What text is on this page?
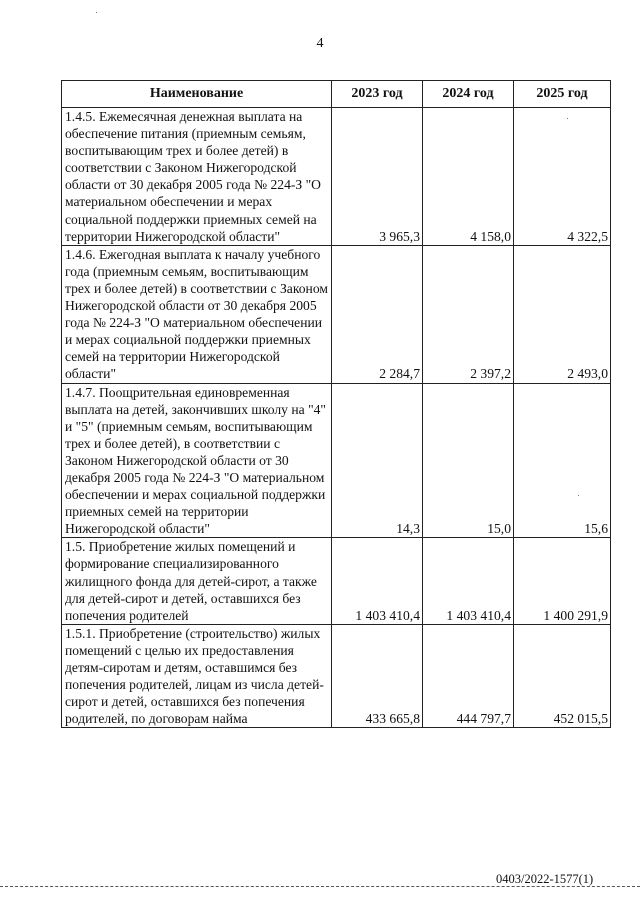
4
Наименование	2023 год	2024 год	2025 год
1.4.5. Ежемесячная денежная выплата на обеспечение питания (приемным семьям, воспитывающим трех и более детей) в соответствии с Законом Нижегородской области от 30 декабря 2005 года № 224-З "О материальном обеспечении и мерах социальной поддержки приемных семей на территории Нижегородской области"	3 965,3	4 158,0	4 322,5
1.4.6. Ежегодная выплата к началу учебного года (приемным семьям, воспитывающим трех и более детей) в соответствии с Законом Нижегородской области от 30 декабря 2005 года № 224-З "О материальном обеспечении и мерах социальной поддержки приемных семей на территории Нижегородской области"	2 284,7	2 397,2	2 493,0
1.4.7. Поощрительная единовременная выплата на детей, закончивших школу на "4" и "5" (приемным семьям, воспитывающим трех и более детей), в соответствии с Законом Нижегородской области от 30 декабря 2005 года № 224-З "О материальном обеспечении и мерах социальной поддержки приемных семей на территории Нижегородской области"	14,3	15,0	15,6
1.5. Приобретение жилых помещений и формирование специализированного жилищного фонда для детей-сирот, а также для детей-сирот и детей, оставшихся без попечения родителей	1 403 410,4	1 403 410,4	1 400 291,9
1.5.1. Приобретение (строительство) жилых помещений с целью их предоставления детям-сиротам и детям, оставшимся без попечения родителей, лицам из числа детей-сирот и детей, оставшихся без попечения родителей, по договорам найма	433 665,8	444 797,7	452 015,5
0403/2022-1577(1)
